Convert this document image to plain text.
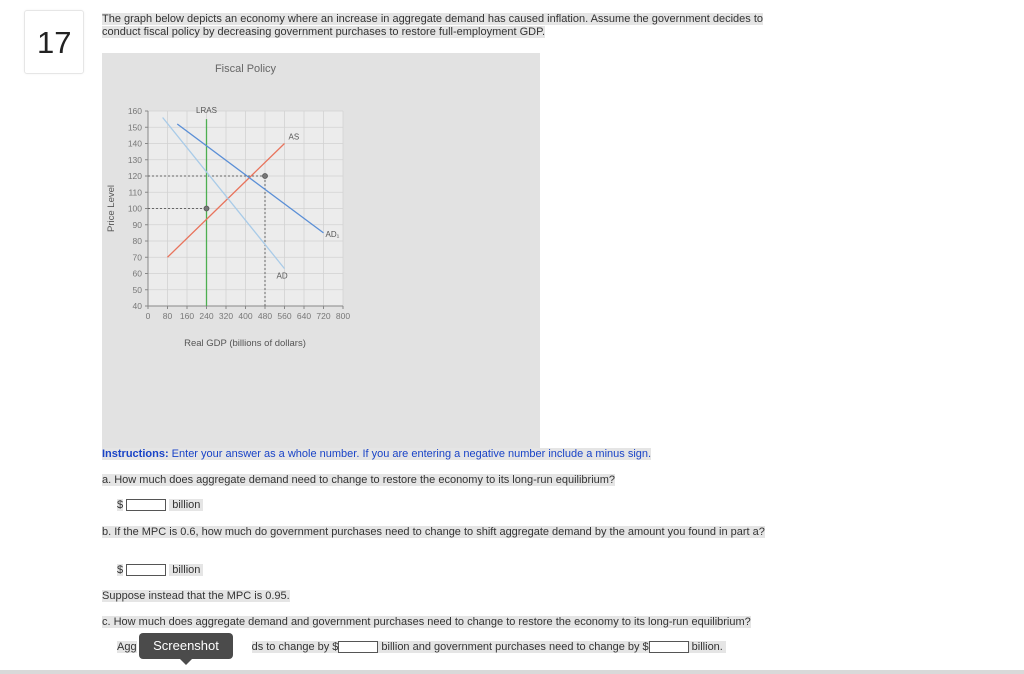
17
The graph below depicts an economy where an increase in aggregate demand has caused inflation. Assume the government decides to conduct fiscal policy by decreasing government purchases to restore full-employment GDP.
40
50
60
70
80
90
100
110
120
130
140
150
160
0 80 160 240 320 400 480 560 640 720 800
Fiscal Policy
Real GDP (billions of dollars)
Price Level
LRAS
AS
AD₁
AD
Instructions: Enter your answer as a whole number. If you are entering a negative number include a minus sign.
a. How much does aggregate demand need to change to restore the economy to its long-run equilibrium?
$	billion
b. If the MPC is 0.6, how much do government purchases need to change to shift aggregate demand by the amount you found in part a?
$	billion
Suppose instead that the MPC is 0.95.
c. How much does aggregate demand and government purchases need to change to restore the economy to its long-run equilibrium?
Agg	ds to change by $	billion and government purchases need to change by $	billion.
Screenshot
